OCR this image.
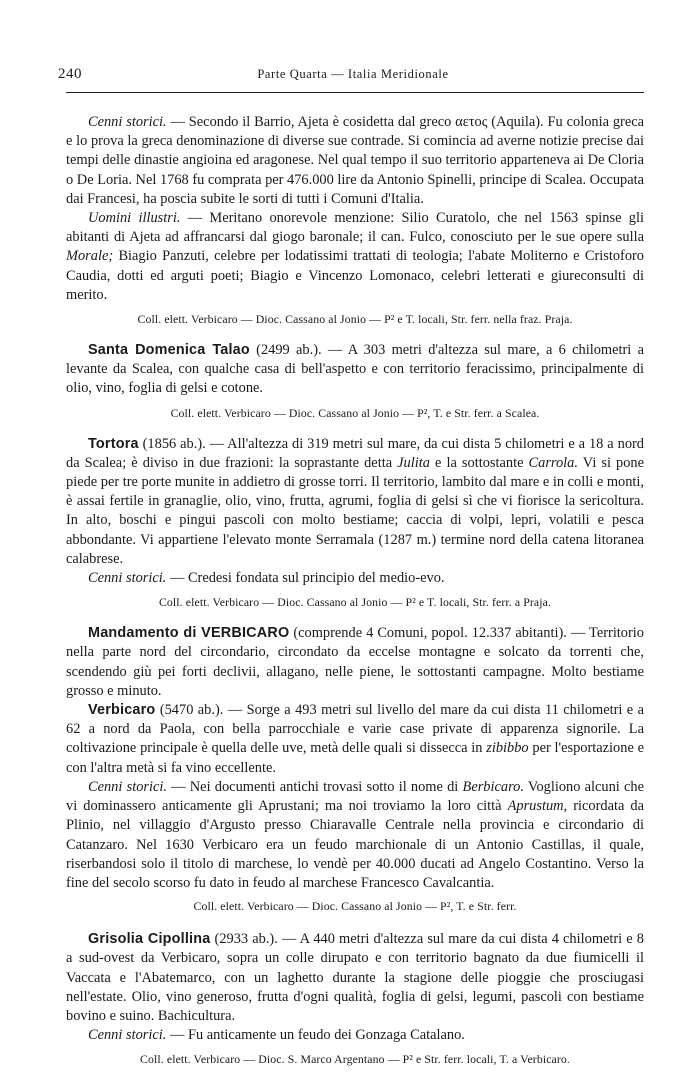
240	Parte Quarta — Italia Meridionale

Cenni storici. — Secondo il Barrio, Ajeta è cosidetta dal greco αετος (Aquila). Fu colonia greca e lo prova la greca denominazione di diverse sue contrade. Si comincia ad averne notizie precise dai tempi delle dinastie angioina ed aragonese. Nel qual tempo il suo territorio apparteneva ai De Cloria o De Loria. Nel 1768 fu comprata per 476.000 lire da Antonio Spinelli, principe di Scalea. Occupata dai Francesi, ha poscia subite le sorti di tutti i Comuni d'Italia.

Uomini illustri. — Meritano onorevole menzione: Silio Curatolo, che nel 1563 spinse gli abitanti di Ajeta ad affrancarsi dal giogo baronale; il can. Fulco, conosciuto per le sue opere sulla Morale; Biagio Panzuti, celebre per lodatissimi trattati di teologia; l'abate Moliterno e Cristoforo Caudia, dotti ed arguti poeti; Biagio e Vincenzo Lomonaco, celebri letterati e giureconsulti di merito.

Coll. elett. Verbicaro — Dioc. Cassano al Jonio — P² e T. locali, Str. ferr. nella fraz. Praja.

Santa Domenica Talao (2499 ab.). — A 303 metri d'altezza sul mare, a 6 chilometri a levante da Scalea, con qualche casa di bell'aspetto e con territorio feracissimo, principalmente di olio, vino, foglia di gelsi e cotone.

Coll. elett. Verbicaro — Dioc. Cassano al Jonio — P², T. e Str. ferr. a Scalea.

Tortora (1856 ab.). — All'altezza di 319 metri sul mare, da cui dista 5 chilometri e a 18 a nord da Scalea; è diviso in due frazioni: la soprastante detta Julita e la sottostante Carrola. Vi si pone piede per tre porte munite in addietro di grosse torri. Il territorio, lambito dal mare e in colli e monti, è assai fertile in granaglie, olio, vino, frutta, agrumi, foglia di gelsi sì che vi fiorisce la sericoltura. In alto, boschi e pingui pascoli con molto bestiame; caccia di volpi, lepri, volatili e pesca abbondante. Vi appartiene l'elevato monte Serramala (1287 m.) termine nord della catena litoranea calabrese.

Cenni storici. — Credesi fondata sul principio del medio-evo.

Coll. elett. Verbicaro — Dioc. Cassano al Jonio — P² e T. locali, Str. ferr. a Praja.

Mandamento di VERBICARO (comprende 4 Comuni, popol. 12.337 abitanti). — Territorio nella parte nord del circondario, circondato da eccelse montagne e solcato da torrenti che, scendendo giù pei forti declivii, allagano, nelle piene, le sottostanti campagne. Molto bestiame grosso e minuto.

Verbicaro (5470 ab.). — Sorge a 493 metri sul livello del mare da cui dista 11 chilometri e a 62 a nord da Paola, con bella parrocchiale e varie case private di apparenza signorile. La coltivazione principale è quella delle uve, metà delle quali si dissecca in zibibbo per l'esportazione e con l'altra metà si fa vino eccellente.

Cenni storici. — Nei documenti antichi trovasi sotto il nome di Berbicaro. Vogliono alcuni che vi dominassero anticamente gli Aprustani; ma noi troviamo la loro città Aprustum, ricordata da Plinio, nel villaggio d'Argusto presso Chiaravalle Centrale nella provincia e circondario di Catanzaro. Nel 1630 Verbicaro era un feudo marchionale di un Antonio Castillas, il quale, riserbandosi solo il titolo di marchese, lo vendè per 40.000 ducati ad Angelo Costantino. Verso la fine del secolo scorso fu dato in feudo al marchese Francesco Cavalcantia.

Coll. elett. Verbicaro — Dioc. Cassano al Jonio — P², T. e Str. ferr.

Grisolia Cipollina (2933 ab.). — A 440 metri d'altezza sul mare da cui dista 4 chilometri e 8 a sud-ovest da Verbicaro, sopra un colle dirupato e con territorio bagnato da due fiumicelli il Vaccata e l'Abatemarco, con un laghetto durante la stagione delle pioggie che prosciugasi nell'estate. Olio, vino generoso, frutta d'ogni qualità, foglia di gelsi, legumi, pascoli con bestiame bovino e suino. Bachicultura.

Cenni storici. — Fu anticamente un feudo dei Gonzaga Catalano.

Coll. elett. Verbicaro — Dioc. S. Marco Argentano — P² e Str. ferr. locali, T. a Verbicaro.
